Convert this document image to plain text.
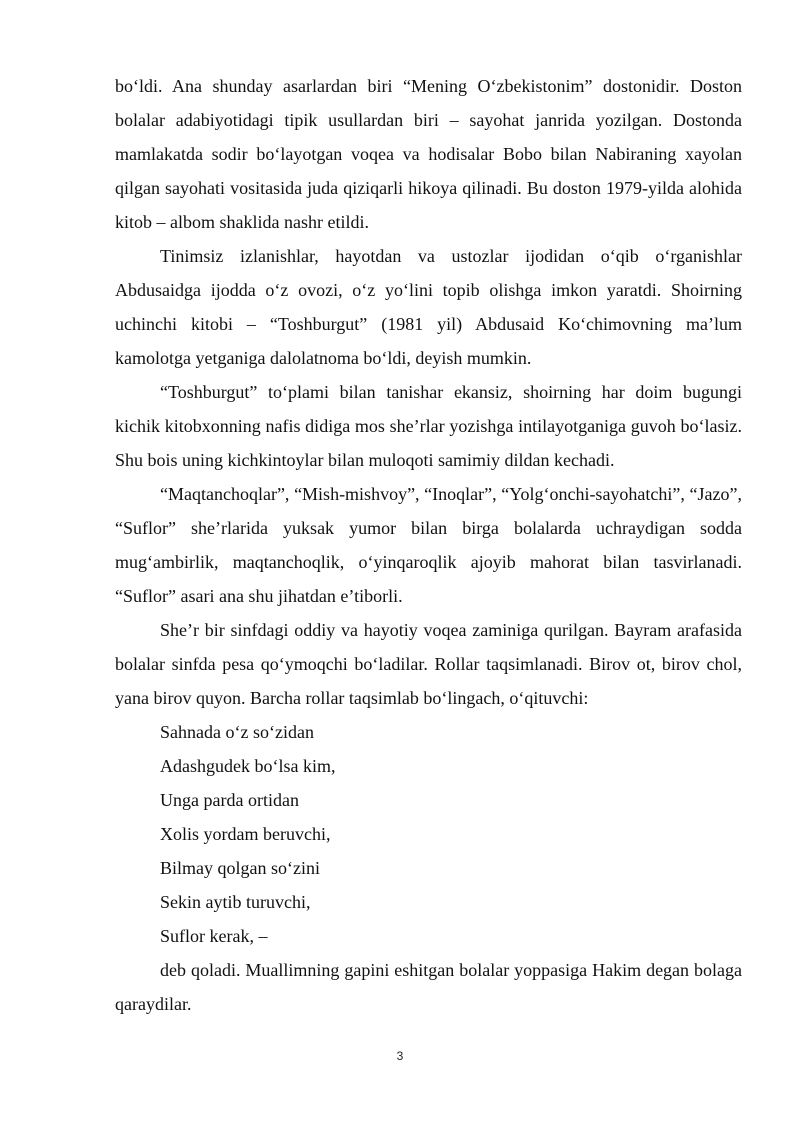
bo‘ldi. Ana shunday asarlardan biri “Mening O‘zbekistonim” dostonidir. Doston bolalar adabiyotidagi tipik usullardan biri – sayohat janrida yozilgan. Dostonda mamlakatda sodir bo‘layotgan voqea va hodisalar Bobo bilan Nabiraning xayolan qilgan sayohati vositasida juda qiziqarli hikoya qilinadi. Bu doston 1979-yilda alohida kitob – albom shaklida nashr etildi.

Tinimsiz izlanishlar, hayotdan va ustozlar ijodidan o‘qib o‘rganishlar Abdusaidga ijodda o‘z ovozi, o‘z yo‘lini topib olishga imkon yaratdi. Shoirning uchinchi kitobi – “Toshburgut” (1981 yil) Abdusaid Ko‘chimovning ma’lum kamolotga yetganiga dalolatnoma bo‘ldi, deyish mumkin.

“Toshburgut” to‘plami bilan tanishar ekansiz, shoirning har doim bugungi kichik kitobxonning nafis didiga mos she’rlar yozishga intilayotganiga guvoh bo‘lasiz. Shu bois uning kichkintoylar bilan muloqoti samimiy dildan kechadi.

“Maqtanchoqlar”, “Mish-mishvoy”, “Inoqlar”, “Yolg‘onchi-sayohatchi”, “Jazo”, “Suflor” she’rlarida yuksak yumor bilan birga bolalarda uchraydigan sodda mug‘ambirlik, maqtanchoqlik, o‘yinqaroqlik ajoyib mahorat bilan tasvirlanadi. “Suflor” asari ana shu jihatdan e’tiborli.

She’r bir sinfdagi oddiy va hayotiy voqea zaminiga qurilgan. Bayram arafasida bolalar sinfda pesa qo‘ymoqchi bo‘ladilar. Rollar taqsimlanadi. Birov ot, birov chol, yana birov quyon. Barcha rollar taqsimlab bo‘lingach, o‘qituvchi:

Sahnada o‘z so‘zidan
Adashgudek bo‘lsa kim,
Unga parda ortidan
Xolis yordam beruvchi,
Bilmay qolgan so‘zini
Sekin aytib turuvchi,
Suflor kerak, –

deb qoladi. Muallimning gapini eshitgan bolalar yoppasiga Hakim degan bolaga qaraydilar.

3
